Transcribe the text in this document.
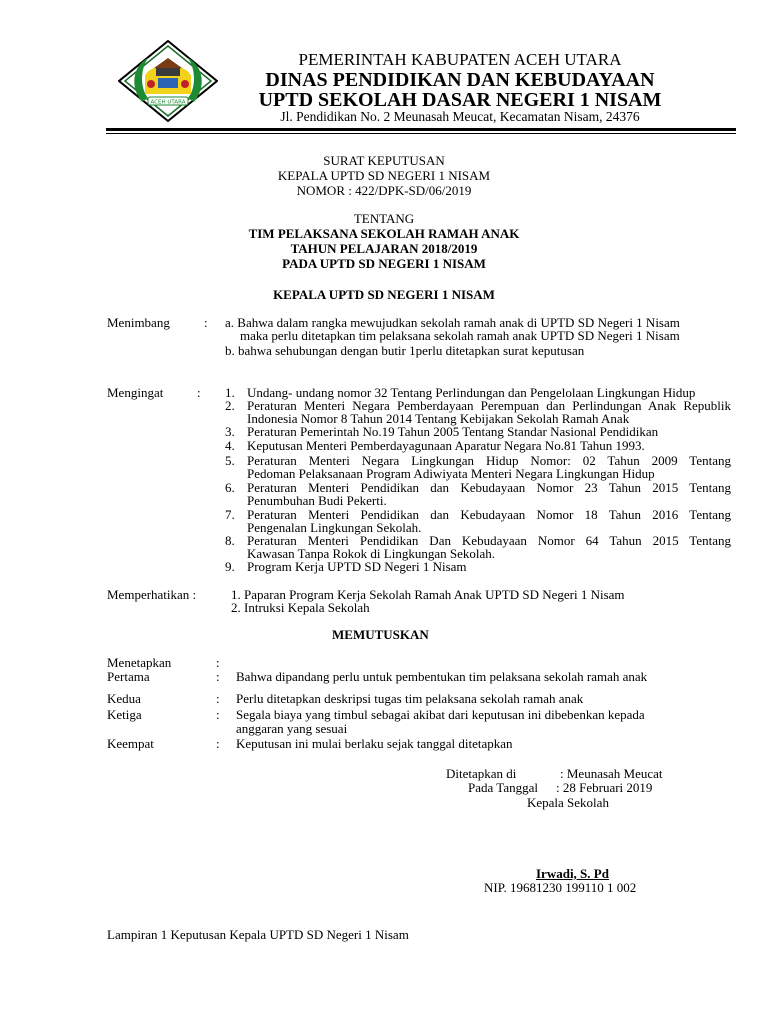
ACEH UTARA
PEMERINTAH KABUPATEN ACEH UTARA
DINAS PENDIDIKAN DAN KEBUDAYAAN
UPTD SEKOLAH DASAR NEGERI 1 NISAM
Jl. Pendidikan No. 2 Meunasah Meucat, Kecamatan Nisam, 24376
SURAT KEPUTUSAN
KEPALA UPTD SD NEGERI 1 NISAM
NOMOR : 422/DPK-SD/06/2019
TENTANG
TIM PELAKSANA SEKOLAH RAMAH ANAK
TAHUN PELAJARAN 2018/2019
PADA UPTD SD NEGERI 1 NISAM
KEPALA UPTD SD NEGERI 1 NISAM
Menimbang	: a. Bahwa dalam rangka mewujudkan sekolah ramah anak di UPTD SD Negeri 1 Nisam
maka perlu ditetapkan tim pelaksana sekolah ramah anak UPTD SD Negeri 1 Nisam
b. bahwa sehubungan dengan butir 1perlu ditetapkan surat keputusan
Mengingat	: 1. Undang- undang nomor 32 Tentang Perlindungan dan Pengelolaan Lingkungan Hidup
2. Peraturan Menteri Negara Pemberdayaan Perempuan dan Perlindungan Anak Republik
Indonesia Nomor 8 Tahun 2014 Tentang Kebijakan Sekolah Ramah Anak
3. Peraturan Pemerintah No.19 Tahun 2005 Tentang Standar Nasional Pendidikan
4. Keputusan Menteri Pemberdayagunaan Aparatur Negara No.81 Tahun 1993.
5. Peraturan Menteri Negara Lingkungan Hidup Nomor: 02 Tahun 2009 Tentang
Pedoman Pelaksanaan Program Adiwiyata Menteri Negara Lingkungan Hidup
6. Peraturan Menteri Pendidikan dan Kebudayaan Nomor 23 Tahun 2015 Tentang
Penumbuhan Budi Pekerti.
7. Peraturan Menteri Pendidikan dan Kebudayaan Nomor 18 Tahun 2016 Tentang
Pengenalan Lingkungan Sekolah.
8. Peraturan Menteri Pendidikan Dan Kebudayaan Nomor 64 Tahun 2015 Tentang
Kawasan Tanpa Rokok di Lingkungan Sekolah.
9. Program Kerja UPTD SD Negeri 1 Nisam
Memperhatikan :	1. Paparan Program Kerja Sekolah Ramah Anak UPTD SD Negeri 1 Nisam
2. Intruksi Kepala Sekolah
MEMUTUSKAN
Menetapkan	:
Pertama	: Bahwa dipandang perlu untuk pembentukan tim pelaksana sekolah ramah anak
Kedua	: Perlu ditetapkan deskripsi tugas tim pelaksana sekolah ramah anak
Ketiga	: Segala biaya yang timbul sebagai akibat dari keputusan ini dibebenkan kepada
anggaran yang sesuai
Keempat	: Keputusan ini mulai berlaku sejak tanggal ditetapkan
Ditetapkan di	: Meunasah Meucat
Pada Tanggal : 28 Februari 2019
Kepala Sekolah
Irwadi, S. Pd
NIP. 19681230 199110 1 002
Lampiran 1 Keputusan Kepala UPTD SD Negeri 1 Nisam
